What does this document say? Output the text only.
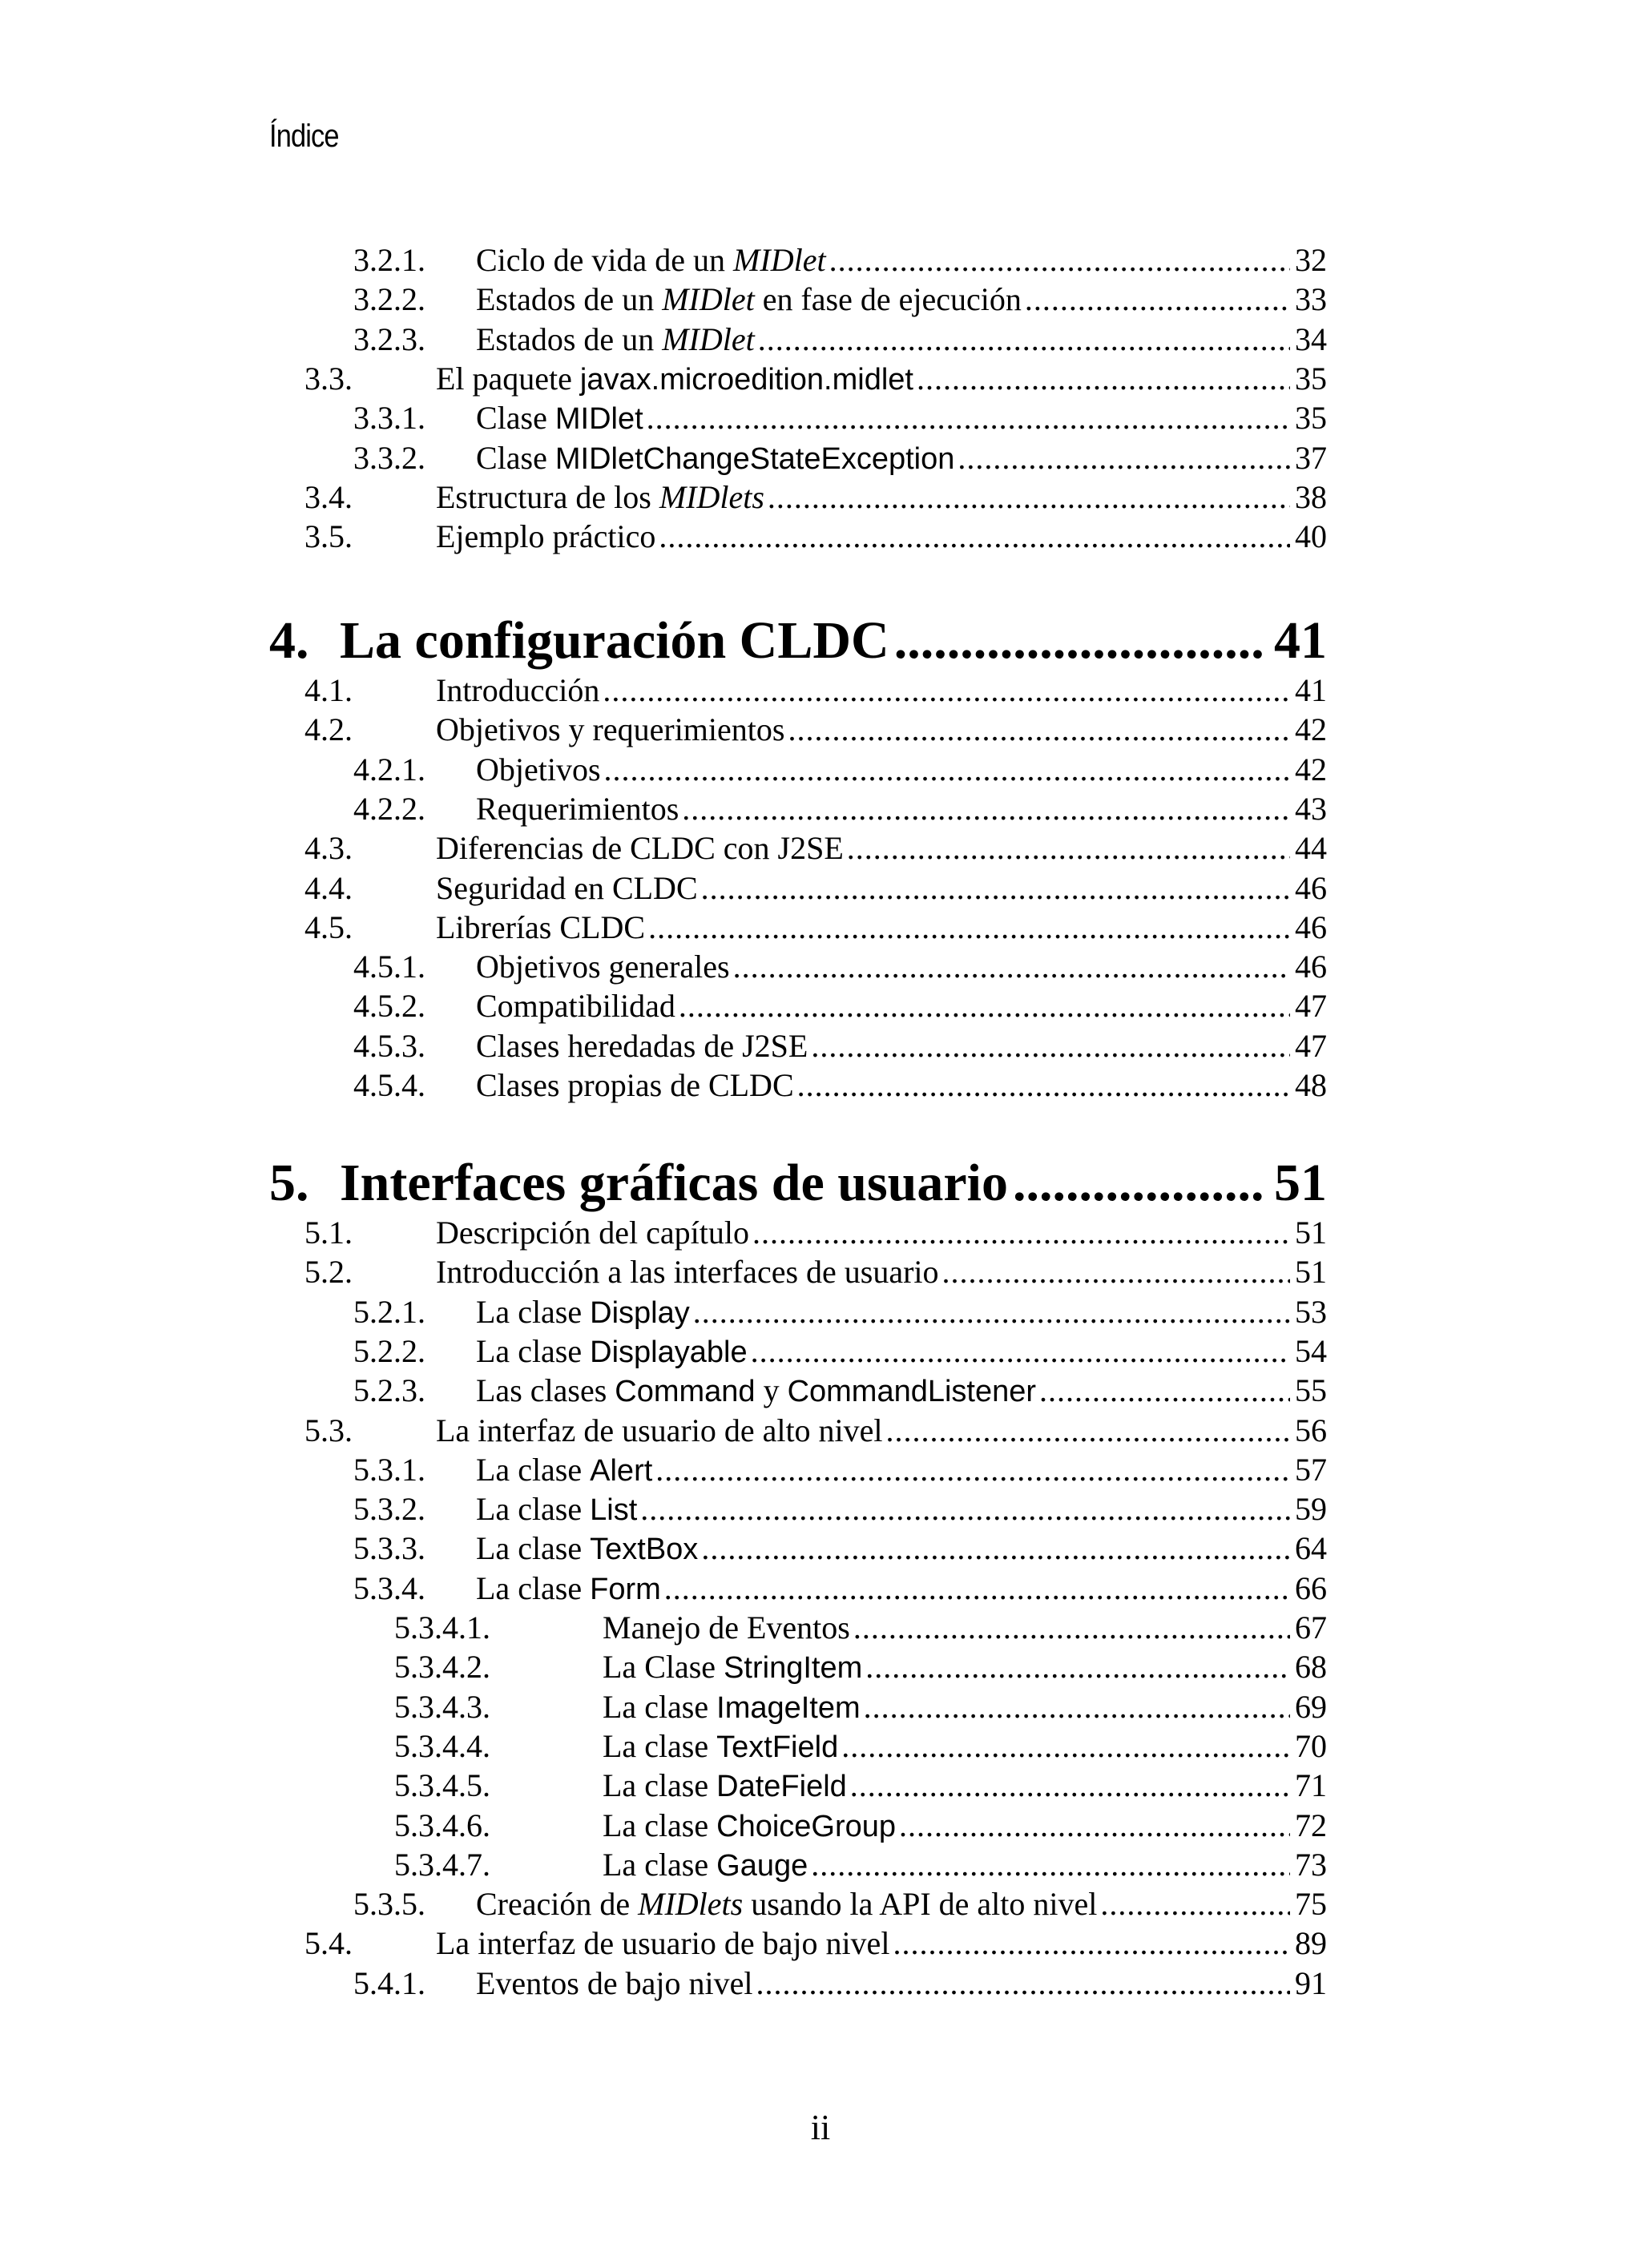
Índice
3.2.1. Ciclo de vida de un MIDlet .....	32
3.2.2. Estados de un MIDlet en fase de ejecución .....	33
3.2.3. Estados de un MIDlet .....	34
3.3.	El paquete javax.microedition.midlet .....	35
3.3.1. Clase MIDlet .....	35
3.3.2. Clase MIDletChangeStateException .....	37
3.4.	Estructura de los MIDlets .....	38
3.5.	Ejemplo práctico .....	40
4. La configuración CLDC .....	41
4.1.	Introducción .....	41
4.2.	Objetivos y requerimientos .....	42
4.2.1. Objetivos .....	42
4.2.2. Requerimientos .....	43
4.3.	Diferencias de CLDC con J2SE .....	44
4.4.	Seguridad en CLDC .....	46
4.5.	Librerías CLDC .....	46
4.5.1. Objetivos generales .....	46
4.5.2. Compatibilidad .....	47
4.5.3. Clases heredadas de J2SE .....	47
4.5.4. Clases propias de CLDC .....	48
5. Interfaces gráficas de usuario .....	51
5.1.	Descripción del capítulo .....	51
5.2.	Introducción a las interfaces de usuario .....	51
5.2.1. La clase Display .....	53
5.2.2. La clase Displayable .....	54
5.2.3. Las clases Command y CommandListener .....	55
5.3.	La interfaz de usuario de alto nivel .....	56
5.3.1. La clase Alert .....	57
5.3.2. La clase List .....	59
5.3.3. La clase TextBox .....	64
5.3.4. La clase Form .....	66
5.3.4.1.	Manejo de Eventos .....	67
5.3.4.2.	La Clase StringItem .....	68
5.3.4.3.	La clase ImageItem .....	69
5.3.4.4.	La clase TextField .....	70
5.3.4.5.	La clase DateField .....	71
5.3.4.6.	La clase ChoiceGroup .....	72
5.3.4.7.	La clase Gauge .....	73
5.3.5. Creación de MIDlets usando la API de alto nivel .....	75
5.4.	La interfaz de usuario de bajo nivel .....	89
5.4.1. Eventos de bajo nivel .....	91
ii
